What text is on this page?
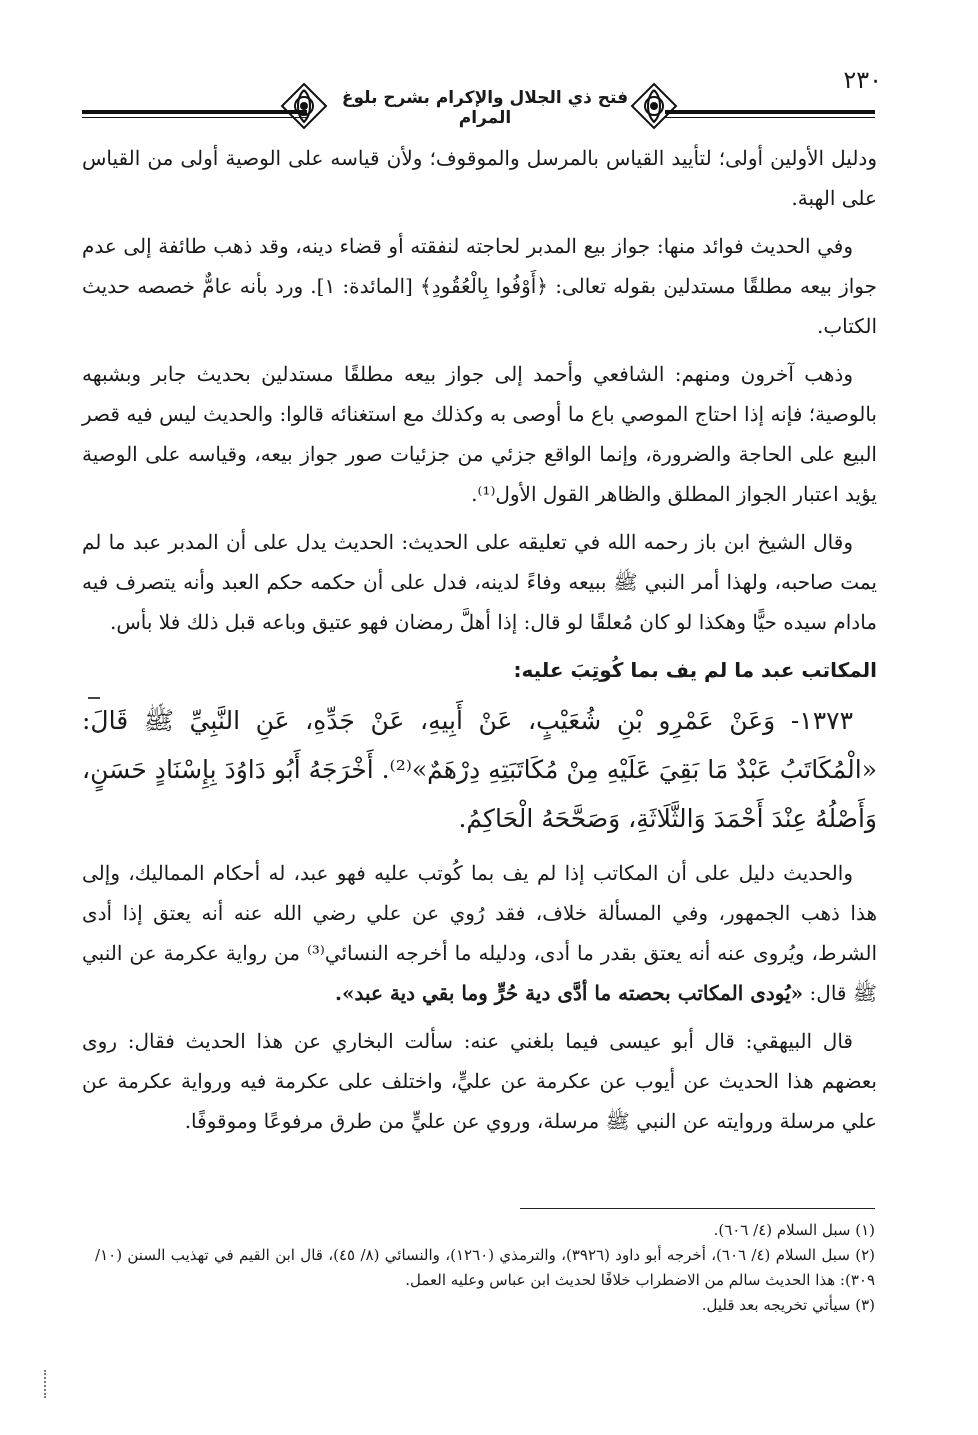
٢٣٠
فتح ذي الجلال والإكرام بشرح بلوغ المرام

ودليل الأولين أولى؛ لتأييد القياس بالمرسل والموقوف؛ ولأن قياسه على الوصية أولى من القياس على الهبة.

وفي الحديث فوائد منها: جواز بيع المدبر لحاجته لنفقته أو قضاء دينه، وقد ذهب طائفة إلى عدم جواز بيعه مطلقًا مستدلين بقوله تعالى: ﴿أَوْفُوا بِالْعُقُودِ﴾ [المائدة: ١]. ورد بأنه عامٌّ خصصه حديث الكتاب.

وذهب آخرون ومنهم: الشافعي وأحمد إلى جواز بيعه مطلقًا مستدلين بحديث جابر وبشبهه بالوصية؛ فإنه إذا احتاج الموصي باع ما أوصى به وكذلك مع استغنائه قالوا: والحديث ليس فيه قصر البيع على الحاجة والضرورة، وإنما الواقع جزئي من جزئيات صور جواز بيعه، وقياسه على الوصية يؤيد اعتبار الجواز المطلق والظاهر القول الأول⁽¹⁾.

وقال الشيخ ابن باز رحمه الله في تعليقه على الحديث: الحديث يدل على أن المدبر عبد ما لم يمت صاحبه، ولهذا أمر النبي ﷺ ببيعه وفاءً لدينه، فدل على أن حكمه حكم العبد وأنه يتصرف فيه مادام سيده حيًّا وهكذا لو كان مُعلقًا لو قال: إذا أهلَّ رمضان فهو عتيق وباعه قبل ذلك فلا بأس.

المكاتب عبد ما لم يف بما كُوتِبَ عليه:

١٣٧٣- وَعَنْ عَمْرِو بْنِ شُعَيْبٍ، عَنْ أَبِيهِ، عَنْ جَدِّهِ، عَنِ النَّبِيِّ ﷺ قَالَ: «الْمُكَاتَبُ عَبْدٌ مَا بَقِيَ عَلَيْهِ مِنْ مُكَاتَبَتِهِ دِرْهَمٌ»⁽²⁾. أَخْرَجَهُ أَبُو دَاوُدَ بِإِسْنَادٍ حَسَنٍ، وَأَصْلُهُ عِنْدَ أَحْمَدَ وَالثَّلَاثَةِ، وَصَحَّحَهُ الْحَاكِمُ.

والحديث دليل على أن المكاتب إذا لم يف بما كُوتب عليه فهو عبد، له أحكام المماليك، وإلى هذا ذهب الجمهور، وفي المسألة خلاف، فقد رُوي عن علي رضي الله عنه أنه يعتق إذا أدى الشرط، ويُروى عنه أنه يعتق بقدر ما أدى، ودليله ما أخرجه النسائي⁽³⁾ من رواية عكرمة عن النبي ﷺ قال: «يُودى المكاتب بحصته ما أدَّى دية حُرٍّ وما بقي دية عبد».

قال البيهقي: قال أبو عيسى فيما بلغني عنه: سألت البخاري عن هذا الحديث فقال: روى بعضهم هذا الحديث عن أيوب عن عكرمة عن عليٍّ، واختلف على عكرمة فيه ورواية عكرمة عن علي مرسلة وروايته عن النبي ﷺ مرسلة، وروي عن عليٍّ من طرق مرفوعًا وموقوفًا.

(١) سبل السلام (٤/ ٦٠٦).

(٢) سبل السلام (٤/ ٦٠٦)، أخرجه أبو داود (٣٩٢٦)، والترمذي (١٢٦٠)، والنسائي (٨/ ٤٥)، قال ابن القيم في تهذيب السنن (١٠/ ٣٠٩): هذا الحديث سالم من الاضطراب خلافًا لحديث ابن عباس وعليه العمل.

(٣) سيأتي تخريجه بعد قليل.
